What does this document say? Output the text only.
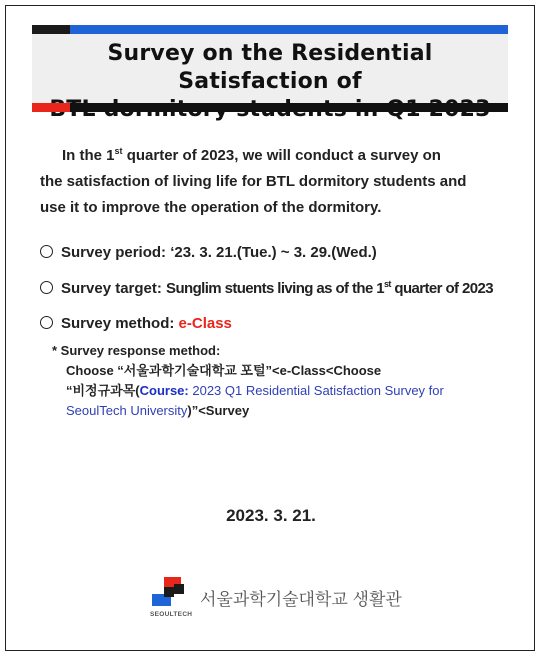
Survey on the Residential Satisfaction of
In the 1st quarter of 2023, we will conduct a survey on
the satisfaction of living life for BTL dormitory students and
use it to improve the operation of the dormitory.
Survey period: ‘23. 3. 21.(Tue.) ~ 3. 29.(Wed.)
Survey target: Sunglim stuents living as of the 1st quarter of 2023
Survey method: e-Class
* Survey response method:
Choose “서울과학기술대학교 포털”<e-Class<Choose
“비정규과목(Course: 2023 Q1 Residential Satisfaction Survey for
SeoulTech University)”<Survey
2023. 3. 21.
SEOULTECH
서울과학기술대학교 생활관
